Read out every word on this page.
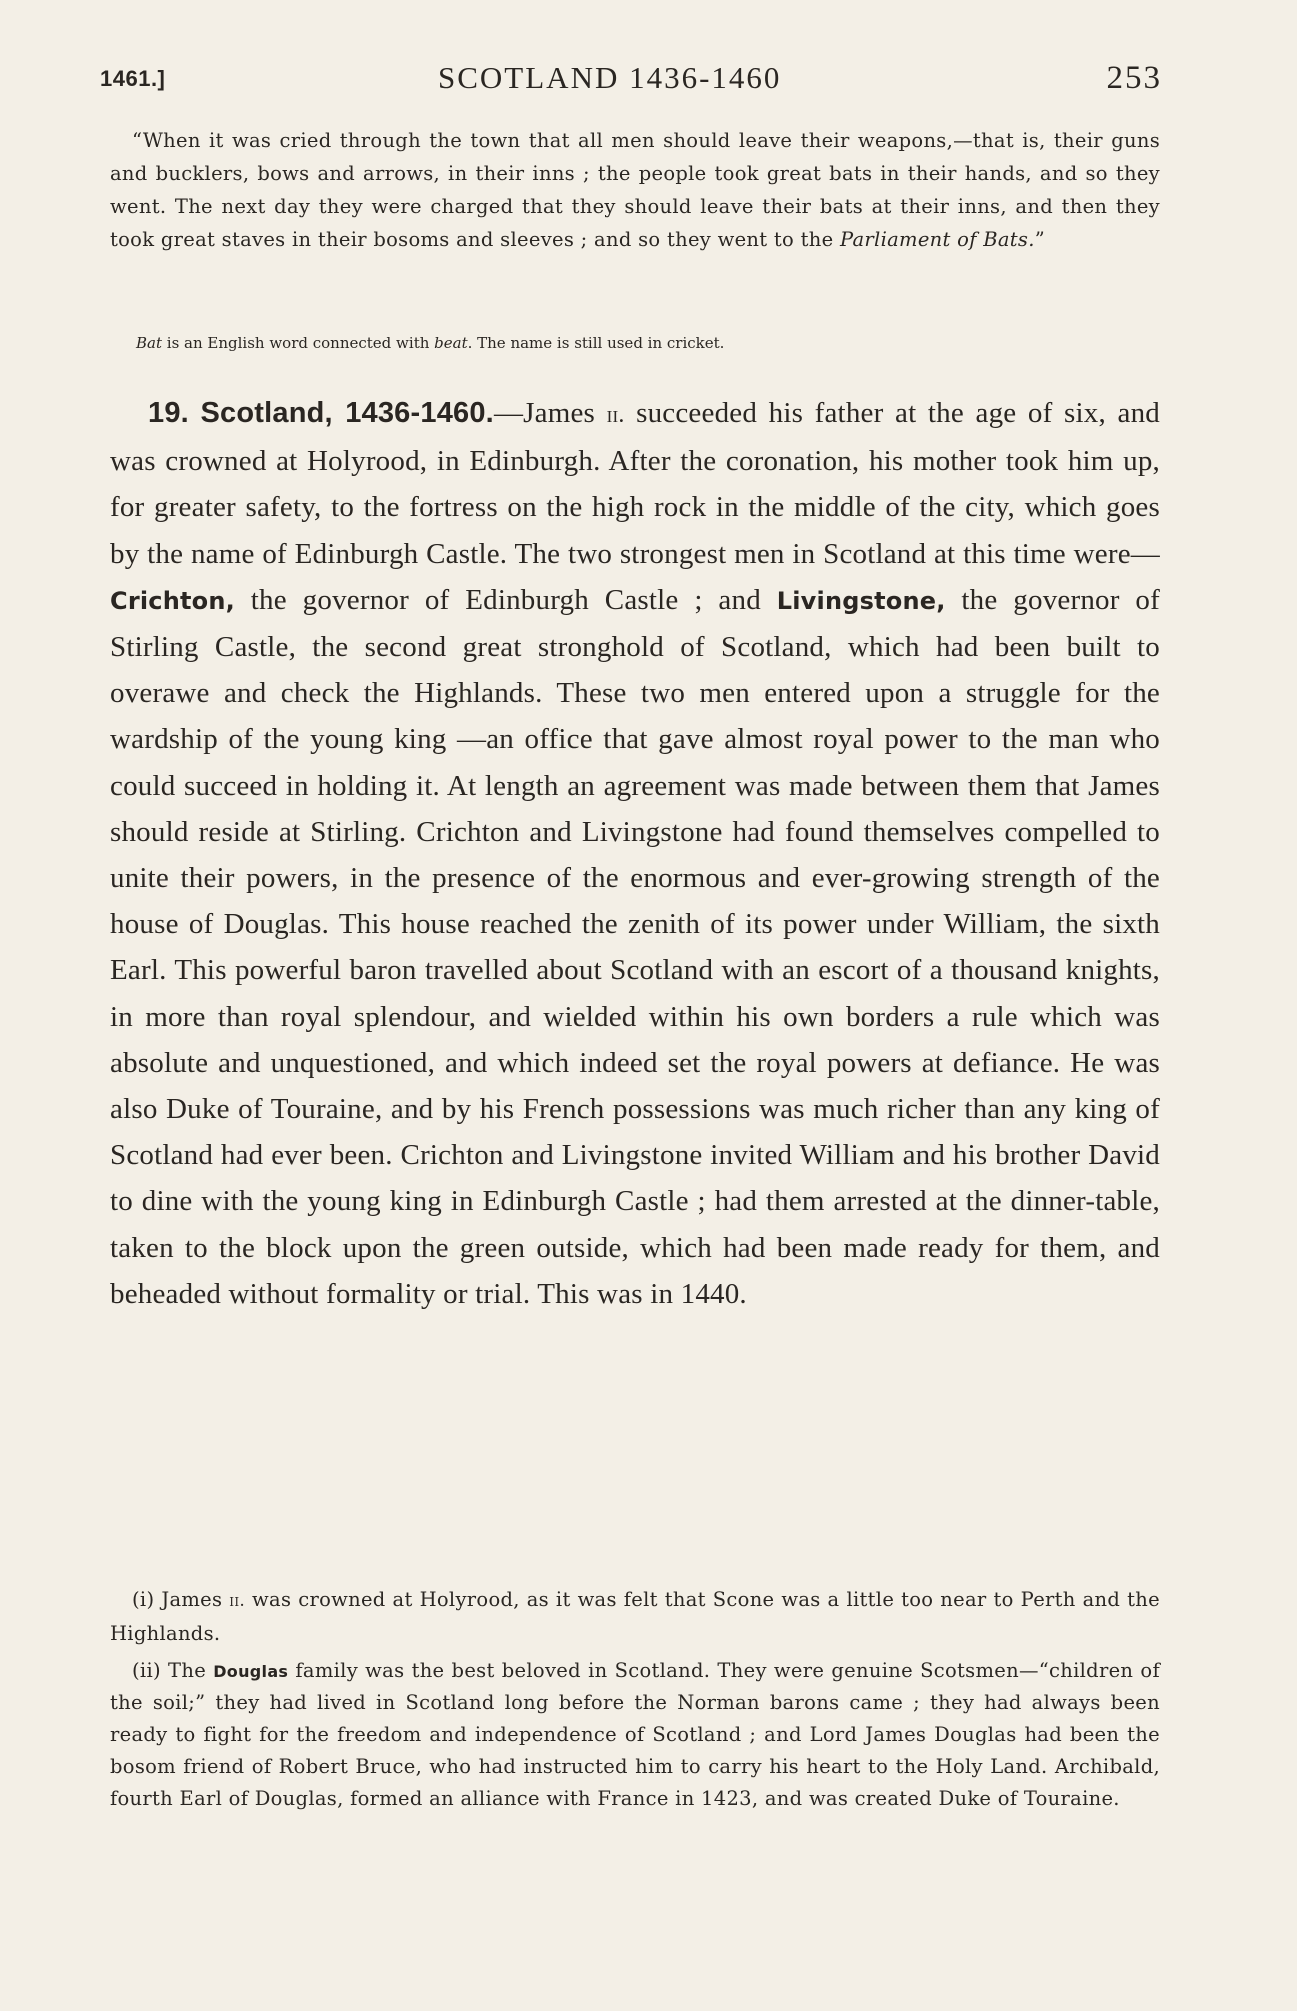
1461.]	SCOTLAND 1436-1460	253
“When it was cried through the town that all men should leave their weapons,—that is, their guns and bucklers, bows and arrows, in their inns ; the people took great bats in their hands, and so they went. The next day they were charged that they should leave their bats at their inns, and then they took great staves in their bosoms and sleeves ; and so they went to the Parliament of Bats.”
Bat is an English word connected with beat. The name is still used in cricket.
19. Scotland, 1436-1460.—James ii. succeeded his father at the age of six, and was crowned at Holyrood, in Edinburgh. After the coronation, his mother took him up, for greater safety, to the fortress on the high rock in the middle of the city, which goes by the name of Edinburgh Castle. The two strongest men in Scotland at this time were—Crichton, the governor of Edinburgh Castle ; and Livingstone, the governor of Stirling Castle, the second great stronghold of Scotland, which had been built to overawe and check the Highlands. These two men entered upon a struggle for the wardship of the young king —an office that gave almost royal power to the man who could succeed in holding it. At length an agreement was made between them that James should reside at Stirling. Crichton and Livingstone had found themselves compelled to unite their powers, in the presence of the enormous and ever-growing strength of the house of Douglas. This house reached the zenith of its power under William, the sixth Earl. This powerful baron travelled about Scotland with an escort of a thousand knights, in more than royal splendour, and wielded within his own borders a rule which was absolute and unquestioned, and which indeed set the royal powers at defiance. He was also Duke of Touraine, and by his French possessions was much richer than any king of Scotland had ever been. Crichton and Livingstone invited William and his brother David to dine with the young king in Edinburgh Castle ; had them arrested at the dinner-table, taken to the block upon the green outside, which had been made ready for them, and beheaded without formality or trial. This was in 1440.

(i) James ii. was crowned at Holyrood, as it was felt that Scone was a little too near to Perth and the Highlands.

(ii) The Douglas family was the best beloved in Scotland. They were genuine Scotsmen—“children of the soil;” they had lived in Scotland long before the Norman barons came ; they had always been ready to fight for the freedom and independence of Scotland ; and Lord James Douglas had been the bosom friend of Robert Bruce, who had instructed him to carry his heart to the Holy Land. Archibald, fourth Earl of Douglas, formed an alliance with France in 1423, and was created Duke of Touraine.
